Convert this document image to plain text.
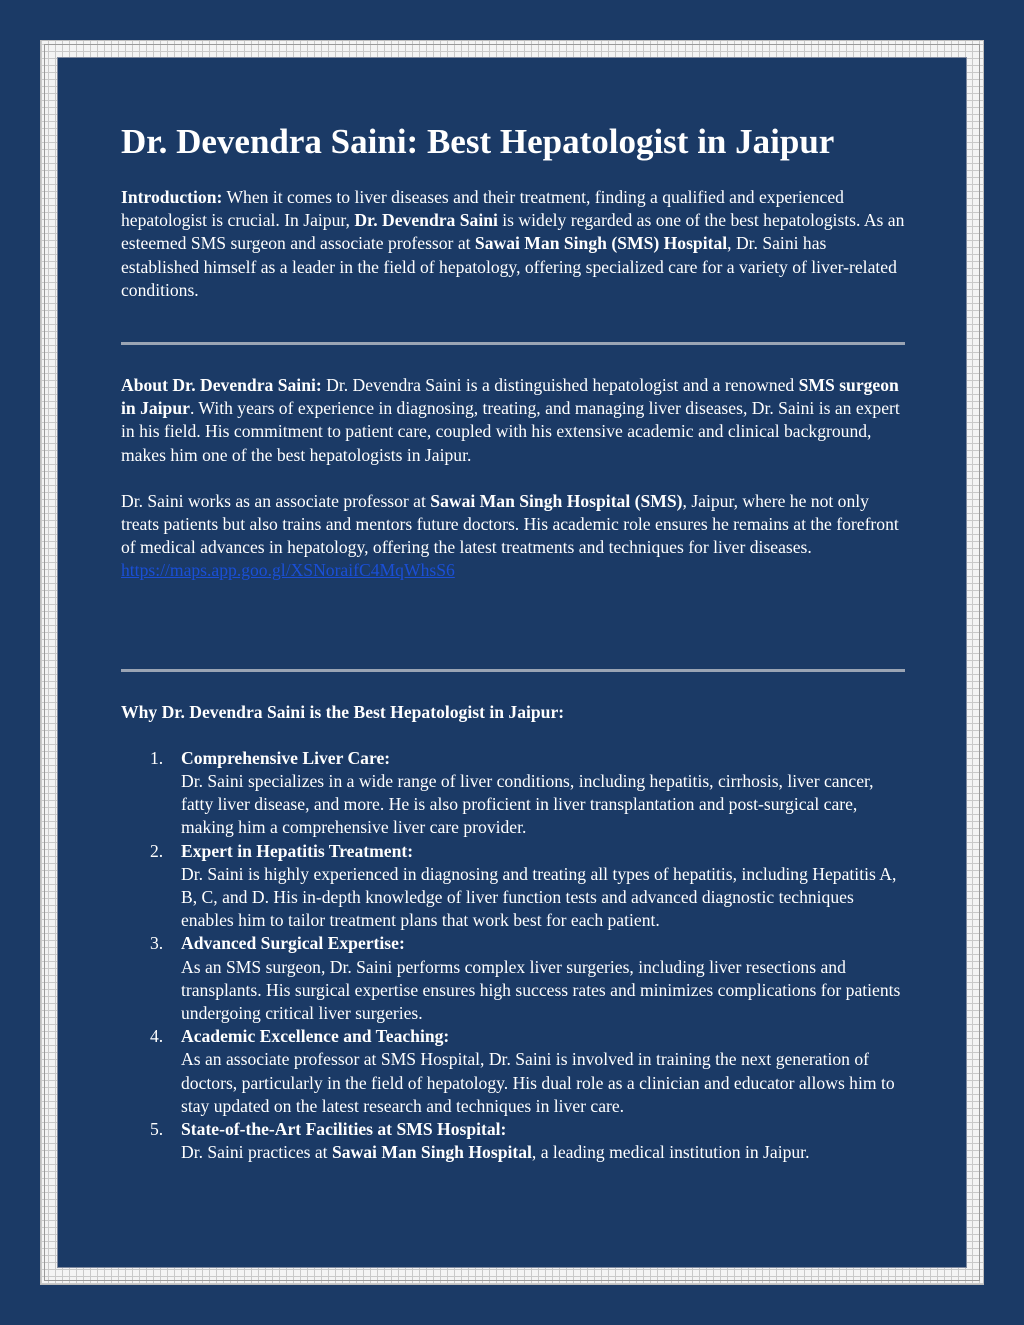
Dr. Devendra Saini: Best Hepatologist in Jaipur

Introduction: When it comes to liver diseases and their treatment, finding a qualified and experienced hepatologist is crucial. In Jaipur, Dr. Devendra Saini is widely regarded as one of the best hepatologists. As an esteemed SMS surgeon and associate professor at Sawai Man Singh (SMS) Hospital, Dr. Saini has established himself as a leader in the field of hepatology, offering specialized care for a variety of liver-related conditions.

About Dr. Devendra Saini: Dr. Devendra Saini is a distinguished hepatologist and a renowned SMS surgeon in Jaipur. With years of experience in diagnosing, treating, and managing liver diseases, Dr. Saini is an expert in his field. His commitment to patient care, coupled with his extensive academic and clinical background, makes him one of the best hepatologists in Jaipur.

Dr. Saini works as an associate professor at Sawai Man Singh Hospital (SMS), Jaipur, where he not only treats patients but also trains and mentors future doctors. His academic role ensures he remains at the forefront of medical advances in hepatology, offering the latest treatments and techniques for liver diseases. https://maps.app.goo.gl/XSNoraifC4MqWhsS6

Why Dr. Devendra Saini is the Best Hepatologist in Jaipur:

1. Comprehensive Liver Care:
Dr. Saini specializes in a wide range of liver conditions, including hepatitis, cirrhosis, liver cancer, fatty liver disease, and more. He is also proficient in liver transplantation and post-surgical care, making him a comprehensive liver care provider.
2. Expert in Hepatitis Treatment:
Dr. Saini is highly experienced in diagnosing and treating all types of hepatitis, including Hepatitis A, B, C, and D. His in-depth knowledge of liver function tests and advanced diagnostic techniques enables him to tailor treatment plans that work best for each patient.
3. Advanced Surgical Expertise:
As an SMS surgeon, Dr. Saini performs complex liver surgeries, including liver resections and transplants. His surgical expertise ensures high success rates and minimizes complications for patients undergoing critical liver surgeries.
4. Academic Excellence and Teaching:
As an associate professor at SMS Hospital, Dr. Saini is involved in training the next generation of doctors, particularly in the field of hepatology. His dual role as a clinician and educator allows him to stay updated on the latest research and techniques in liver care.
5. State-of-the-Art Facilities at SMS Hospital:
Dr. Saini practices at Sawai Man Singh Hospital, a leading medical institution in Jaipur.
